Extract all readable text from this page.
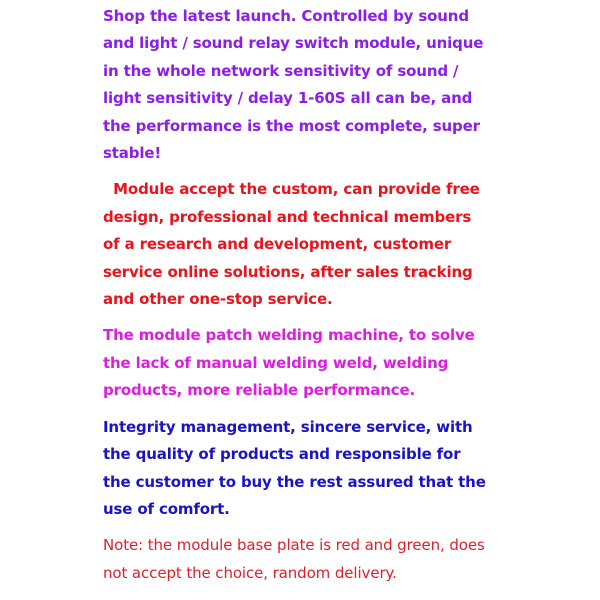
Shop the latest launch. Controlled by sound
and light / sound relay switch module, unique
in the whole network sensitivity of sound /
light sensitivity / delay 1-60S all can be, and
the performance is the most complete, super
stable!

Module accept the custom, can provide free
design, professional and technical members
of a research and development, customer
service online solutions, after sales tracking
and other one-stop service.

The module patch welding machine, to solve
the lack of manual welding weld, welding
products, more reliable performance.

Integrity management, sincere service, with
the quality of products and responsible for
the customer to buy the rest assured that the
use of comfort.

Note: the module base plate is red and green, does
not accept the choice, random delivery.
